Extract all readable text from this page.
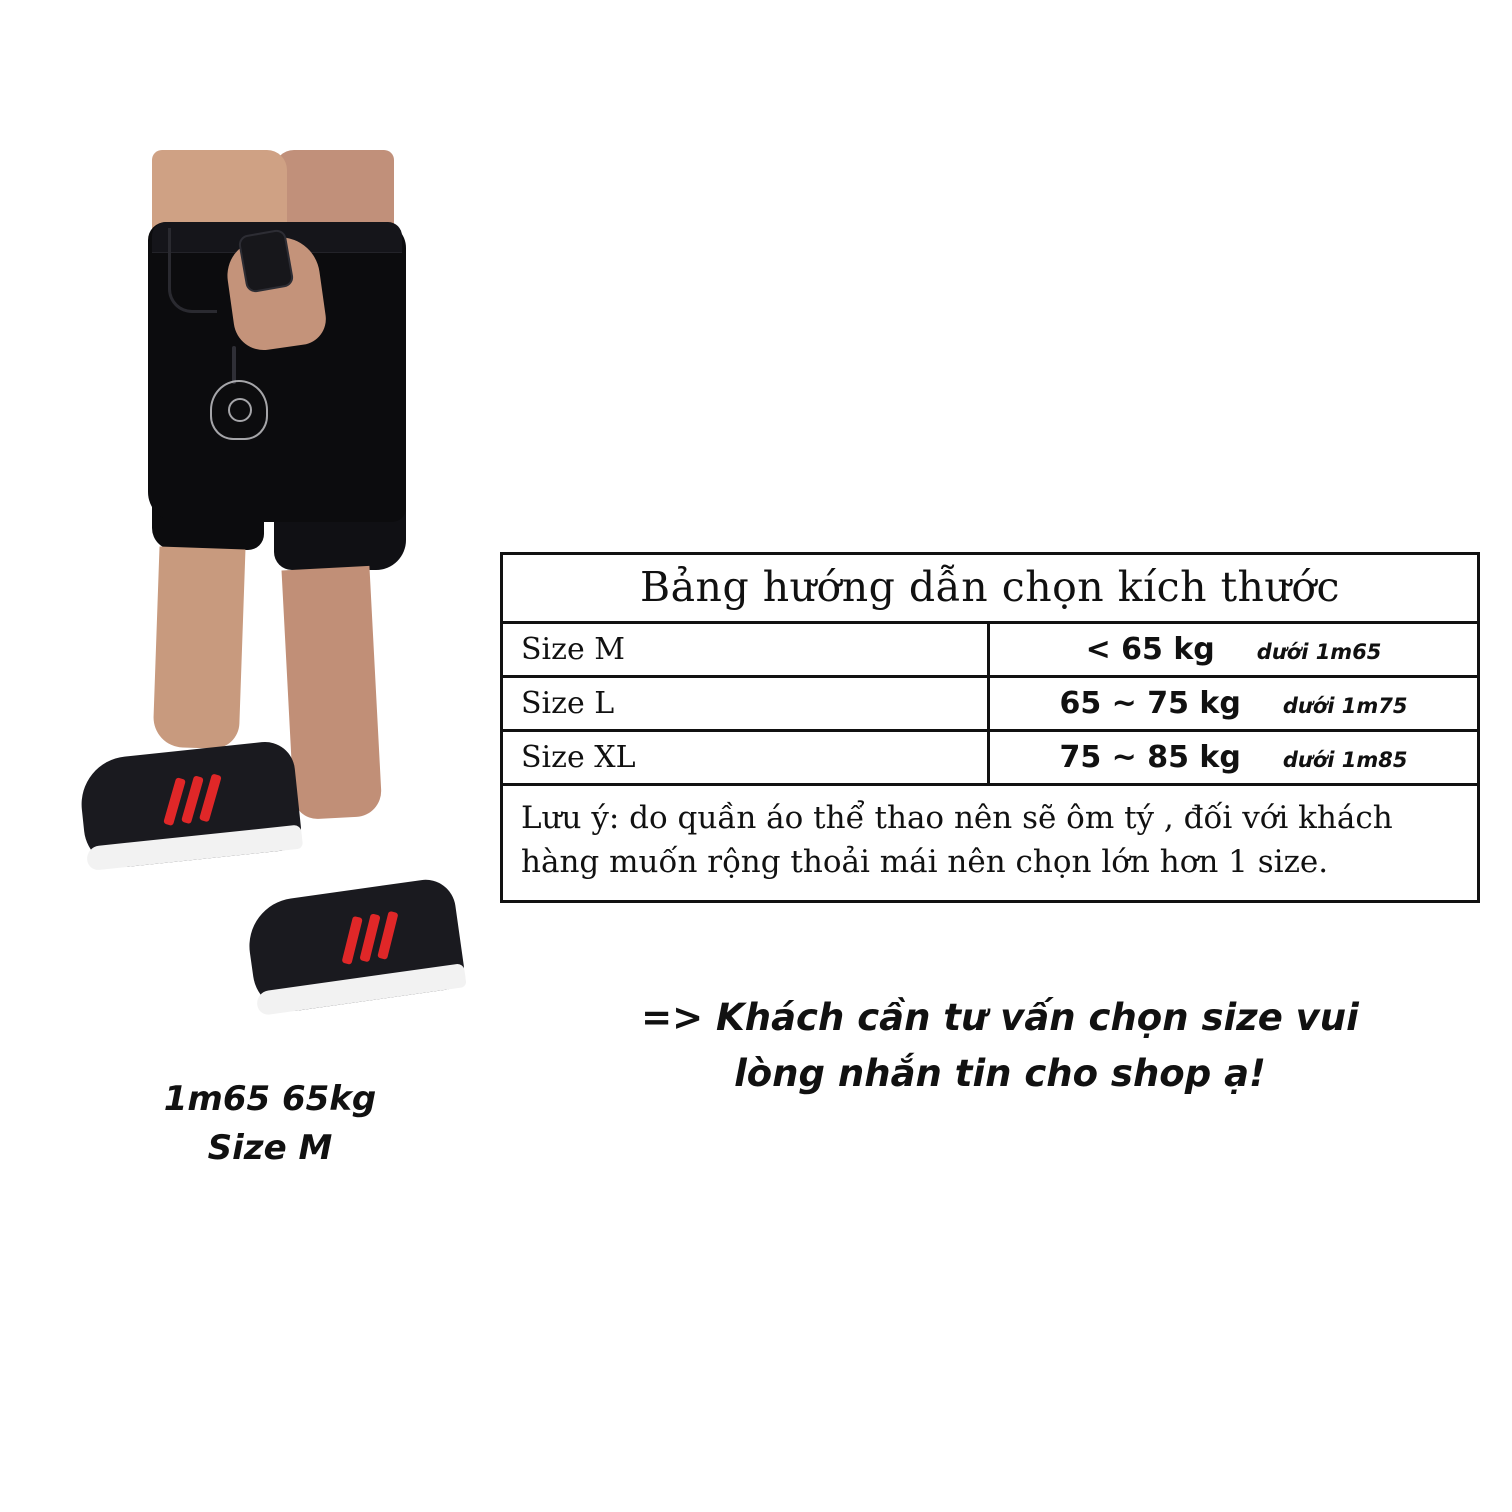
1m65 65kg
Size M
Bảng hướng dẫn chọn kích thước
Size M	< 65 kg dưới 1m65
Size L	65 ~ 75 kg dưới 1m75
Size XL	75 ~ 85 kg dưới 1m85
Lưu ý: do quần áo thể thao nên sẽ ôm tý , đối với khách hàng muốn rộng thoải mái nên chọn lớn hơn 1 size.
=> Khách cần tư vấn chọn size vui
lòng nhắn tin cho shop ạ!
